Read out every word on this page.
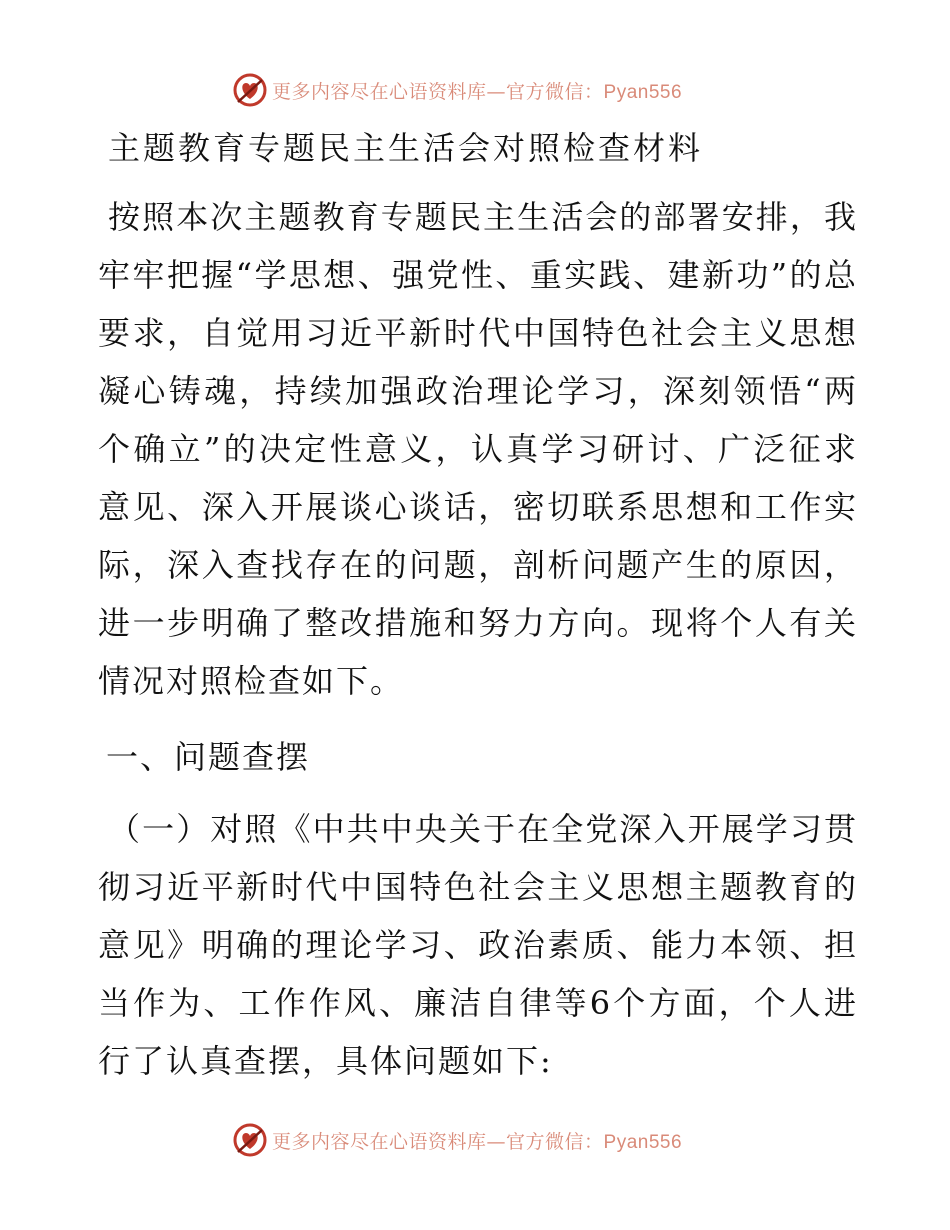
更多内容尽在心语资料库—官方微信：Pyan556

主题教育专题民主生活会对照检查材料

按照本次主题教育专题民主生活会的部署安排，我牢牢把握“学思想、强党性、重实践、建新功”的总要求，自觉用习近平新时代中国特色社会主义思想凝心铸魂，持续加强政治理论学习，深刻领悟“两个确立”的决定性意义，认真学习研讨、广泛征求意见、深入开展谈心谈话，密切联系思想和工作实际，深入查找存在的问题，剖析问题产生的原因，进一步明确了整改措施和努力方向。现将个人有关情况对照检查如下。

一、问题查摆

（一）对照《中共中央关于在全党深入开展学习贯彻习近平新时代中国特色社会主义思想主题教育的意见》明确的理论学习、政治素质、能力本领、担当作为、工作作风、廉洁自律等6个方面，个人进行了认真查摆，具体问题如下:

更多内容尽在心语资料库—官方微信：Pyan556
